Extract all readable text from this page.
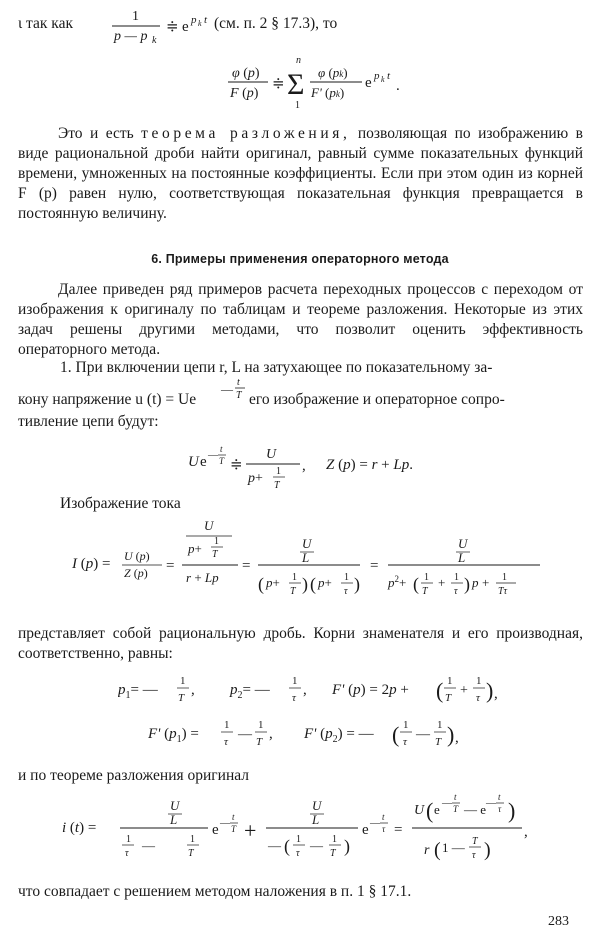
ι так как	1
p — p k
≑ e p k t (см. п. 2 § 17.3), то
φ (p)
F (p)
≑
n
Σ
1
φ (pk)
F' (pk)
e p k t
.
Это и есть теорема разложения, позволяющая по изображению в виде рациональной дроби найти оригинал, равный сумме показательных функций времени, умноженных на постоянные коэффициенты. Если при этом один из корней F (p) равен нулю, соответствующая показательная функция превращается в постоянную величину.
6. Примеры применения операторного метода
Далее приведен ряд примеров расчета переходных процессов с переходом от изображения к оригиналу по таблицам и теореме разложения. Некоторые из этих задач решены другими методами, что позволит оценить эффективность операторного метода.
1. При включении цепи r, L на затухающее по показательному за-
кону напряжение u (t) = Ue
— t
T его изображение и операторное сопро-
тивление цепи будут:
U e —
t
T ≑
U
p+ 1
T
, Z (p) = r + Lp.
Изображение тока
I (p) = U (p)
Z (p) =
U
p+ 1
T
r + Lp
=
U
L
( p+ 1
T ) ( p+ 1
τ )
=
U
L
$p^2+$ ( 1
T
+ 1
τ ) p + 1
Tτ
представляет собой рациональную дробь. Корни знаменателя и его производная, соответственно, равны:
$p_1=$ —
1
T , $p_2=$ —
1
τ , F' (p) = 2p + ( 1
T +
1
τ ) ,
F' $(p_1)$ =
1
τ —
1
T , F' $(p_2)$ = — ( 1
τ —
1
T ) ,
и по теореме разложения оригинал
i (t) =
U
L
1
τ
—	1
T
e —
t
T +
U
L
— ( 1
τ
— 1
T )
e —
t
τ =
U ( e —
t
T — e —
t
τ )
r ( 1 — T
τ )
,
что совпадает с решением методом наложения в п. 1 § 17.1.
283
